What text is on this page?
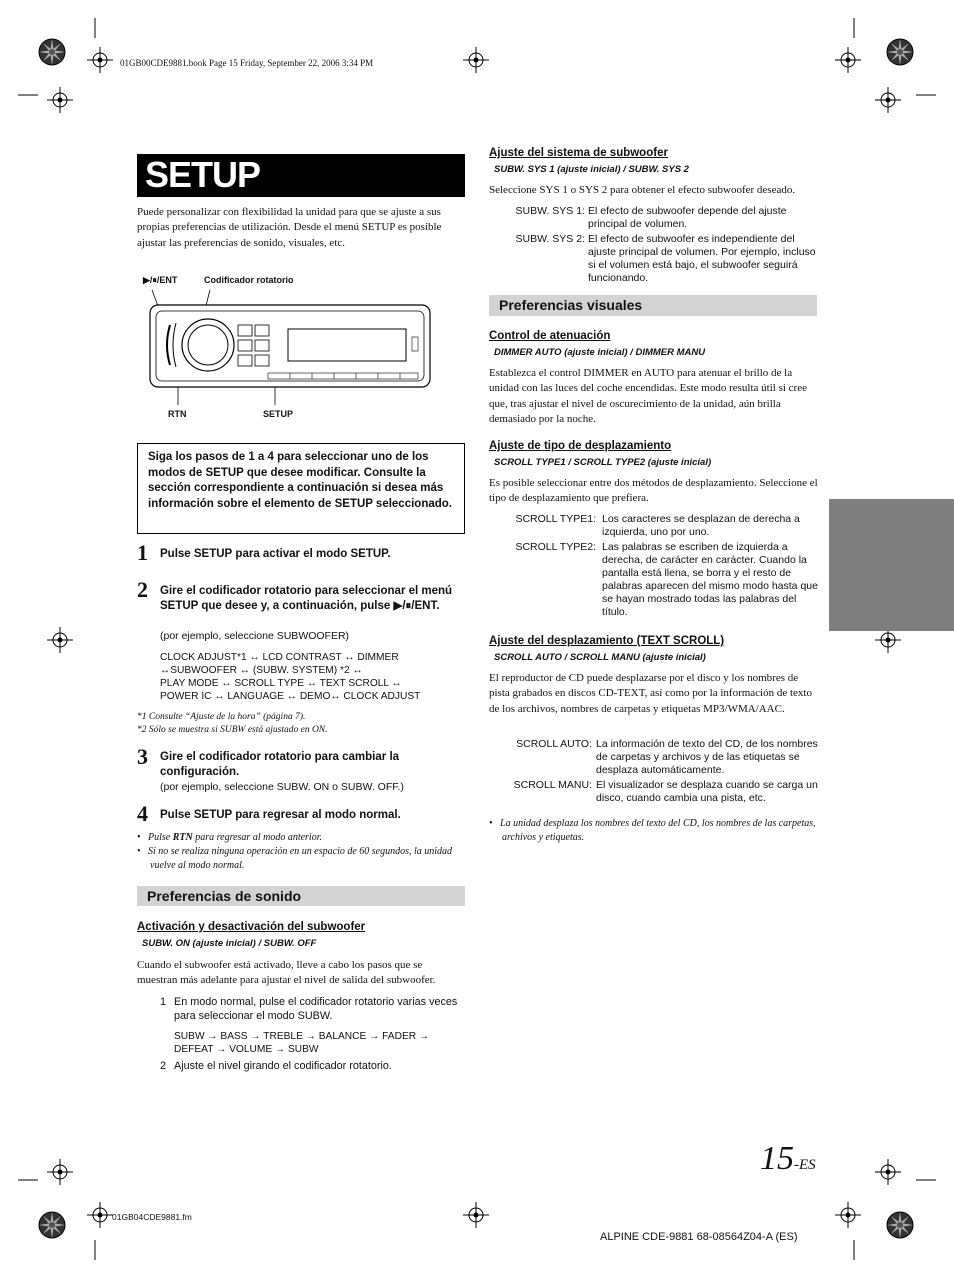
01GB00CDE9881.book Page 15 Friday, September 22, 2006 3:34 PM
SETUP
Puede personalizar con flexibilidad la unidad para que se ajuste a sus propias preferencias de utilización. Desde el menú SETUP es posible ajustar las preferencias de sonido, visuales, etc.
▶/⏸/ENT	Codificador rotatorio
RTN	SETUP
Siga los pasos de 1 a 4 para seleccionar uno de los modos de SETUP que desee modificar. Consulte la sección correspondiente a continuación si desea más información sobre el elemento de SETUP seleccionado.
1 Pulse SETUP para activar el modo SETUP.
2 Gire el codificador rotatorio para seleccionar el menú SETUP que desee y, a continuación, pulse ▶/⏸/ENT.
(por ejemplo, seleccione SUBWOOFER)
CLOCK ADJUST*1 ↔ LCD CONTRAST ↔ DIMMER
↔SUBWOOFER ↔ (SUBW. SYSTEM) *2 ↔
PLAY MODE ↔ SCROLL TYPE ↔ TEXT SCROLL ↔
POWER IC ↔ LANGUAGE ↔ DEMO↔ CLOCK ADJUST
*1 Consulte “Ajuste de la hora” (página 7).
*2 Sólo se muestra si SUBW está ajustado en ON.
3 Gire el codificador rotatorio para cambiar la configuración.
(por ejemplo, seleccione SUBW. ON o SUBW. OFF.)
4 Pulse SETUP para regresar al modo normal.
•   Pulse RTN para regresar al modo anterior.
•   Si no se realiza ninguna operación en un espacio de 60 segundos, la unidad vuelve al modo normal.
Preferencias de sonido
Activación y desactivación del subwoofer
SUBW. ON (ajuste inicial) / SUBW. OFF
Cuando el subwoofer está activado, lleve a cabo los pasos que se muestran más adelante para ajustar el nivel de salida del subwoofer.
1 En modo normal, pulse el codificador rotatorio varias veces para seleccionar el modo SUBW.
SUBW → BASS → TREBLE → BALANCE → FADER →
DEFEAT → VOLUME → SUBW
2 Ajuste el nivel girando el codificador rotatorio.
Ajuste del sistema de subwoofer
SUBW. SYS 1 (ajuste inicial) / SUBW. SYS 2
Seleccione SYS 1 o SYS 2 para obtener el efecto subwoofer deseado.
SUBW. SYS 1:	El efecto de subwoofer depende del ajuste principal de volumen.
SUBW. SYS 2:	El efecto de subwoofer es independiente del ajuste principal de volumen. Por ejemplo, incluso si el volumen está bajo, el subwoofer seguirá funcionando.
Preferencias visuales
Control de atenuación
DIMMER AUTO (ajuste inicial) / DIMMER MANU
Establezca el control DIMMER en AUTO para atenuar el brillo de la unidad con las luces del coche encendidas. Este modo resulta útil si cree que, tras ajustar el nivel de oscurecimiento de la unidad, aún brilla demasiado por la noche.
Ajuste de tipo de desplazamiento
SCROLL TYPE1 / SCROLL TYPE2 (ajuste inicial)
Es posible seleccionar entre dos métodos de desplazamiento. Seleccione el tipo de desplazamiento que prefiera.
SCROLL TYPE1:	Los caracteres se desplazan de derecha a izquierda, uno por uno.
SCROLL TYPE2:	Las palabras se escriben de izquierda a derecha, de carácter en carácter. Cuando la pantalla está llena, se borra y el resto de palabras aparecen del mismo modo hasta que se hayan mostrado todas las palabras del título.
Ajuste del desplazamiento (TEXT SCROLL)
SCROLL AUTO / SCROLL MANU (ajuste inicial)
El reproductor de CD puede desplazarse por el disco y los nombres de pista grabados en discos CD-TEXT, así como por la información de texto de los archivos, nombres de carpetas y etiquetas MP3/WMA/AAC.
SCROLL AUTO:	La información de texto del CD, de los nombres de carpetas y archivos y de las etiquetas se desplaza automáticamente.
SCROLL MANU:	El visualizador se desplaza cuando se carga un disco, cuando cambia una pista, etc.
•   La unidad desplaza los nombres del texto del CD, los nombres de las carpetas, archivos y etiquetas.
15-ES
01GB04CDE9881.fm
ALPINE CDE-9881 68-08564Z04-A (ES)
